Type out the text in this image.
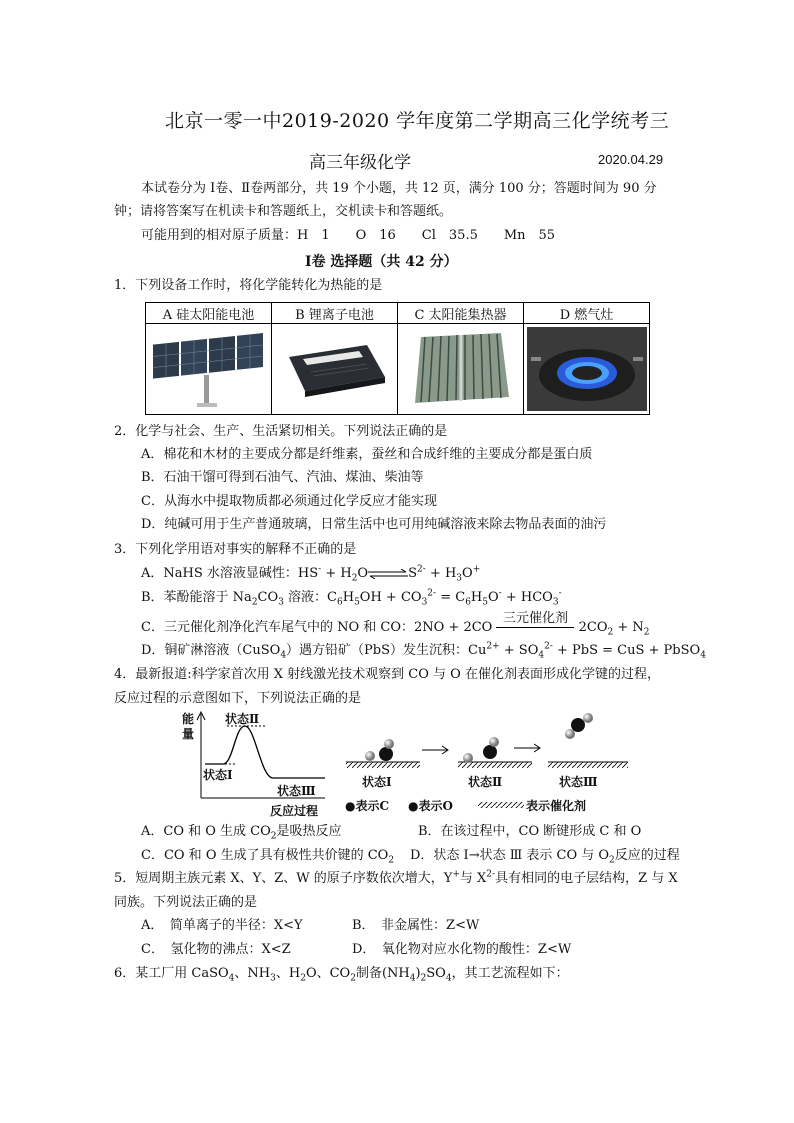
北京一零一中2019-2020 学年度第二学期高三化学统考三
高三年级化学	2020.04.29
本试卷分为 Ⅰ卷、Ⅱ卷两部分，共 19 个小题，共 12 页，满分 100 分；答题时间为 90 分
钟；请将答案写在机读卡和答题纸上，交机读卡和答题纸。
可能用到的相对原子质量：H　1　　O　16　　Cl　35.5　　Mn　55
Ⅰ卷 选择题（共 42 分）
1．下列设备工作时，将化学能转化为热能的是
A 硅太阳能电池	B 锂离子电池	C 太阳能集热器	D 燃气灶

2．化学与社会、生产、生活紧切相关。下列说法正确的是
A．棉花和木材的主要成分都是纤维素，蚕丝和合成纤维的主要成分都是蛋白质
B．石油干馏可得到石油气、汽油、煤油、柴油等
C．从海水中提取物质都必须通过化学反应才能实现
D．纯碱可用于生产普通玻璃，日常生活中也可用纯碱溶液来除去物品表面的油污
3．下列化学用语对事实的解释不正确的是
A．NaHS 水溶液显碱性：$HS^- + H_2O\rightleftharpoons S^{2-} + H_3O^+$
B．苯酚能溶于 $Na_2CO_3$ 溶液：$C_6H_5OH + CO_3^{2-} = C_6H_5O^- + HCO_3^-$
C．三元催化剂净化汽车尾气中的 NO 和 CO：2NO + 2CO
三元催化剂
$2CO_2 + N_2$
D．铜矿淋溶液（CuSO$_4$）遇方铅矿（PbS）发生沉积：$Cu^{2+} + SO_4^{2-}$ + PbS = CuS + PbSO$_4$
4．最新报道:科学家首次用 X 射线激光技术观察到 CO 与 O 在催化剂表面形成化学键的过程，
反应过程的示意图如下，下列说法正确的是
能量
状态Ⅱ
状态Ⅰ
状态Ⅲ
反应过程
状态Ⅰ	状态Ⅱ	状态Ⅲ
●表示C ●表示O	表示催化剂
A．CO 和 O 生成 $CO_2$是吸热反应	B．在该过程中，CO 断键形成 C 和 O
C．CO 和 O 生成了具有极性共价键的 $CO_2$ D．状态 Ⅰ→状态 Ⅲ 表示 CO 与 $O_2$反应的过程
5．短周期主族元素 X、Y、Z、W 的原子序数依次增大，Y+与 $X^{2-}$具有相同的电子层结构，Z 与 X
同族。下列说法正确的是
A．　简单离子的半径：X<Y	B．　非金属性：Z<W
C．　氢化物的沸点：X<Z	D．　氧化物对应水化物的酸性：Z<W
6．某工厂用 CaSO$_4$、$NH_3$、$H_2O$、$CO_2$制备$(NH_4)_2SO_4$，其工艺流程如下：
